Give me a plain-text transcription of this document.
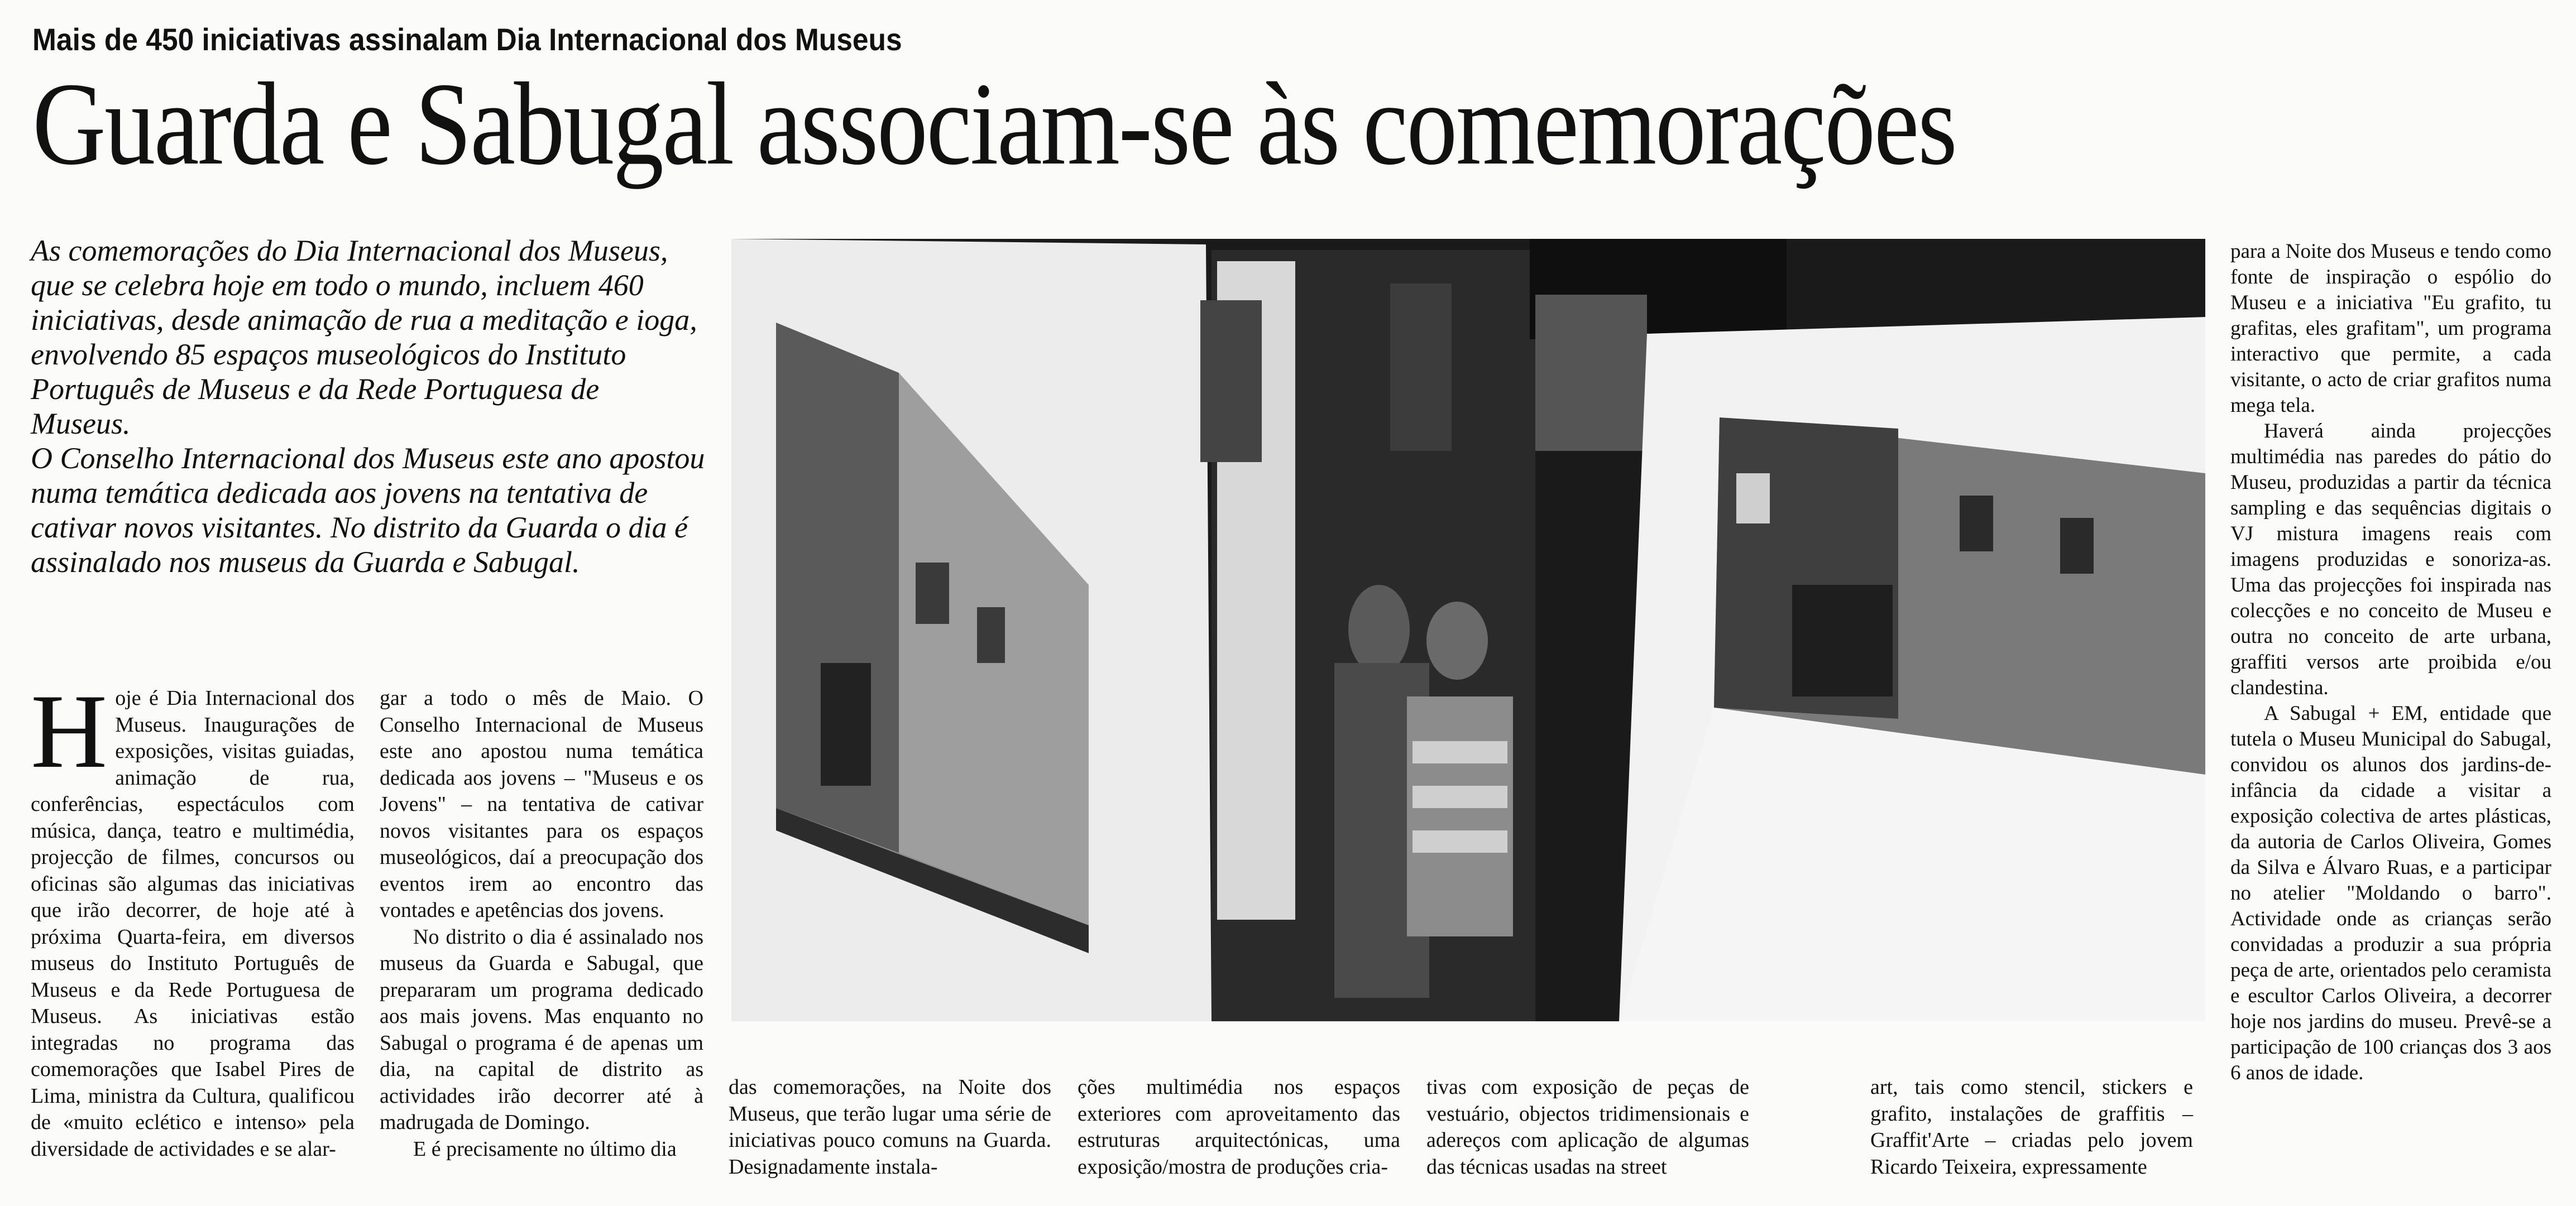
Mais de 450 iniciativas assinalam Dia Internacional dos Museus
Guarda e Sabugal associam-se às comemorações

As comemorações do Dia Internacional dos Museus, que se celebra hoje em todo o mundo, incluem 460 iniciativas, desde animação de rua a meditação e ioga, envolvendo 85 espaços museológicos do Instituto Português de Museus e da Rede Portuguesa de Museus.

O Conselho Internacional dos Museus este ano apostou numa temática dedicada aos jovens na tentativa de cativar novos visitantes. No distrito da Guarda o dia é assinalado nos museus da Guarda e Sabugal.

H oje é Dia Internacional dos Museus. Inaugurações de exposições, visitas guiadas, animação de rua, conferências, espectáculos com música, dança, teatro e multimédia, projecção de filmes, concursos ou oficinas são algumas das iniciativas que irão decorrer, de hoje até à próxima Quarta-feira, em diversos museus do Instituto Português de Museus e da Rede Portuguesa de Museus. As iniciativas estão integradas no programa das comemorações que Isabel Pires de Lima, ministra da Cultura, qualificou de «muito eclético e intenso» pela diversidade de actividades e se alar-

gar a todo o mês de Maio. O Conselho Internacional de Museus este ano apostou numa temática dedicada aos jovens – "Museus e os Jovens" – na tentativa de cativar novos visitantes para os espaços museológicos, daí a preocupação dos eventos irem ao encontro das vontades e apetências dos jovens.

No distrito o dia é assinalado nos museus da Guarda e Sabugal, que prepararam um programa dedicado aos mais jovens. Mas enquanto no Sabugal o programa é de apenas um dia, na capital de distrito as actividades irão decorrer até à madrugada de Domingo.

E é precisamente no último dia

das comemorações, na Noite dos Museus, que terão lugar uma série de iniciativas pouco comuns na Guarda. Designadamente instala-
ções multimédia nos espaços exteriores com aproveitamento das estruturas arquitectónicas, uma exposição/mostra de produções cria-
tivas com exposição de peças de vestuário, objectos tridimensionais e adereços com aplicação de algumas das técnicas usadas na street
art, tais como stencil, stickers e grafito, instalações de graffitis – Graffit'Arte – criadas pelo jovem Ricardo Teixeira, expressamente

para a Noite dos Museus e tendo como fonte de inspiração o espólio do Museu e a iniciativa "Eu grafito, tu grafitas, eles grafitam", um programa interactivo que permite, a cada visitante, o acto de criar grafitos numa mega tela.

Haverá ainda projecções multimédia nas paredes do pátio do Museu, produzidas a partir da técnica sampling e das sequências digitais o VJ mistura imagens reais com imagens produzidas e sonoriza-as. Uma das projecções foi inspirada nas colecções e no conceito de Museu e outra no conceito de arte urbana, graffiti versos arte proibida e/ou clandestina.

A Sabugal + EM, entidade que tutela o Museu Municipal do Sabugal, convidou os alunos dos jardins-de-infância da cidade a visitar a exposição colectiva de artes plásticas, da autoria de Carlos Oliveira, Gomes da Silva e Álvaro Ruas, e a participar no atelier "Moldando o barro". Actividade onde as crianças serão convidadas a produzir a sua própria peça de arte, orientados pelo ceramista e escultor Carlos Oliveira, a decorrer hoje nos jardins do museu. Prevê-se a participação de 100 crianças dos 3 aos 6 anos de idade.
